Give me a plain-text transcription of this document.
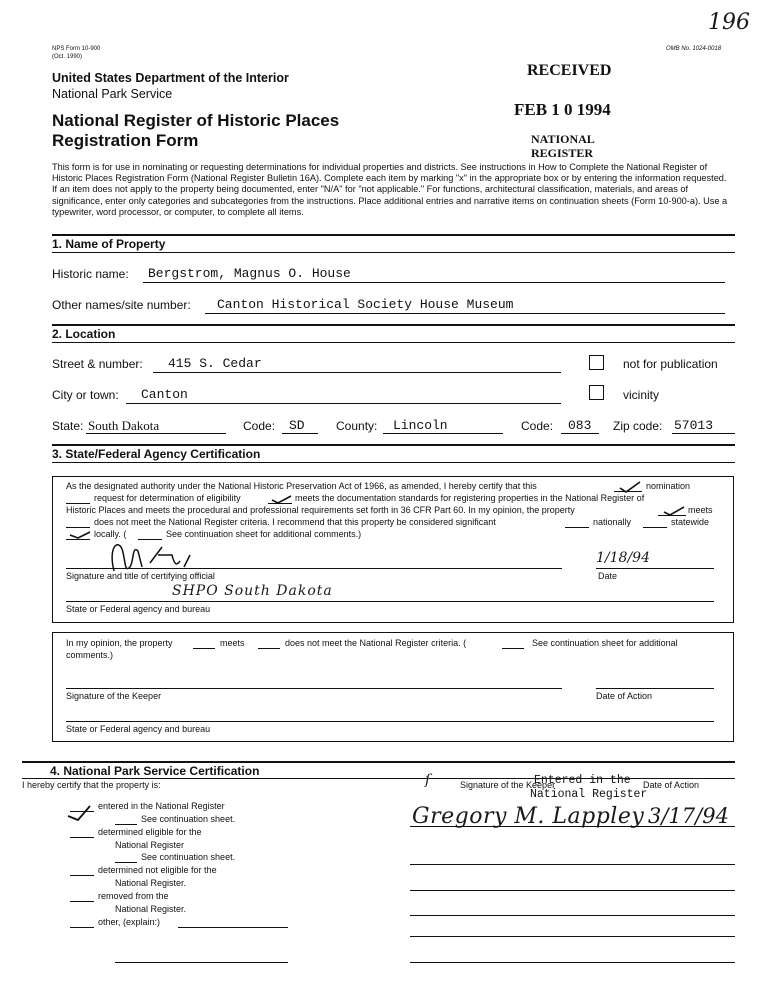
NPS Form 10-900
(Oct. 1990)
OMB No. 1024-0018
196
United States Department of the Interior
National Park Service
National Register of Historic Places
Registration Form
RECEIVED
FEB 1 0 1994
NATIONAL
REGISTER
This form is for use in nominating or requesting determinations for individual properties and districts. See instructions in How to Complete the National Register of Historic Places Registration Form (National Register Bulletin 16A). Complete each item by marking "x" in the appropriate box or by entering the information requested. If an item does not apply to the property being documented, enter "N/A" for "not applicable." For functions, architectural classification, materials, and areas of significance, enter only categories and subcategories from the instructions. Place additional entries and narrative items on continuation sheets (Form 10-900-a). Use a typewriter, word processor, or computer, to complete all items.
1. Name of Property
Historic name: Bergstrom, Magnus O. House
Other names/site number: Canton Historical Society House Museum
2. Location
Street & number: 415 S. Cedar	not for publication
City or town: Canton	vicinity
State: South Dakota	Code: SD	County: Lincoln	Code: 083 Zip code: 57013
3. State/Federal Agency Certification
As the designated authority under the National Historic Preservation Act of 1966, as amended, I hereby certify that this	nomination
request for determination of eligibility	meets the documentation standards for registering properties in the National Register of
Historic Places and meets the procedural and professional requirements set forth in 36 CFR Part 60. In my opinion, the property	meets
does not meet the National Register criteria. I recommend that this property be considered significant	nationally	statewide
locally. (	See continuation sheet for additional comments.)
Signature and title of certifying official
1/18/94
Date
SHPO South Dakota
State or Federal agency and bureau
In my opinion, the property	meets	does not meet the National Register criteria. (	See continuation sheet for additional
comments.)
Signature of the Keeper	Date of Action
State or Federal agency and bureau
4. National Park Service Certification
I hereby certify that the property is:
entered in the National Register
See continuation sheet.
determined eligible for the
National Register
See continuation sheet.
determined not eligible for the
National Register.
removed from the
National Register.
other, (explain:)
ſ	Signature of the Keeper	Date of Action
Entered in the
National Register
Gregory M. Lappley 3/17/94
